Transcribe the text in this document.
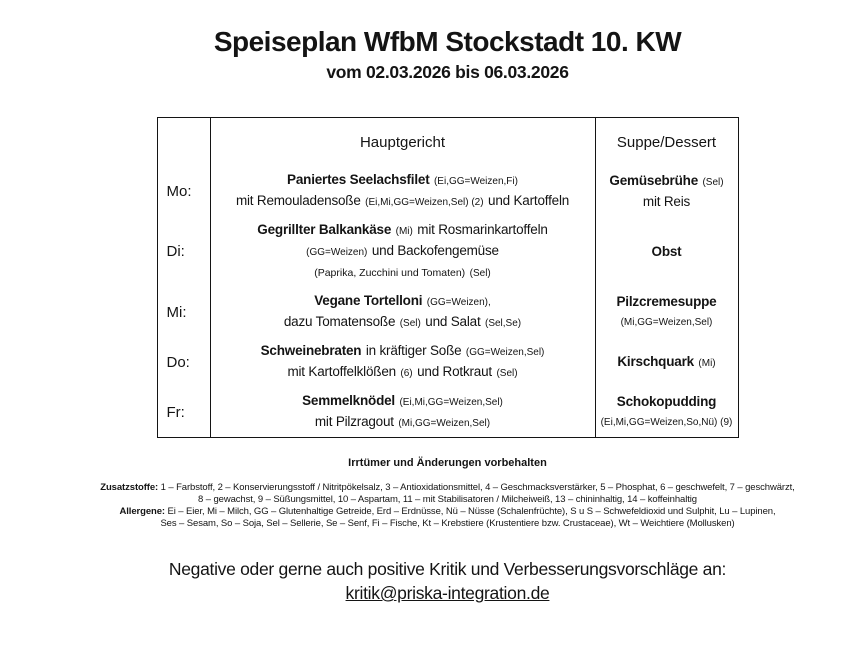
Speiseplan WfbM Stockstadt 10. KW
vom 02.03.2026 bis 06.03.2026
Hauptgericht	Suppe/Dessert
Mo:
Paniertes Seelachsfilet (Ei,GG=Weizen,Fi)
mit Remouladensoße (Ei,Mi,GG=Weizen,Sel) (2) und Kartoffeln
Gemüsebrühe (Sel)
mit Reis
Di:
Gegrillter Balkankäse (Mi) mit Rosmarinkartoffeln
(GG=Weizen) und Backofengemüse
(Paprika, Zucchini und Tomaten) (Sel)
Obst
Mi:
Vegane Tortelloni (GG=Weizen),
dazu Tomatensoße (Sel) und Salat (Sel,Se)
Pilzcremesuppe
(Mi,GG=Weizen,Sel)
Do:
Schweinebraten in kräftiger Soße (GG=Weizen,Sel)
mit Kartoffelklößen (6) und Rotkraut (Sel)
Kirschquark (Mi)
Fr:
Semmelknödel (Ei,Mi,GG=Weizen,Sel)
mit Pilzragout (Mi,GG=Weizen,Sel)
Schokopudding
(Ei,Mi,GG=Weizen,So,Nü) (9)
Irrtümer und Änderungen vorbehalten
Zusatzstoffe: 1 – Farbstoff, 2 – Konservierungsstoff / Nitritpökelsalz, 3 – Antioxidationsmittel, 4 – Geschmacksverstärker, 5 – Phosphat, 6 – geschwefelt, 7 – geschwärzt,
8 – gewachst, 9 – Süßungsmittel, 10 – Aspartam, 11 – mit Stabilisatoren / Milcheiweiß, 13 – chininhaltig, 14 – koffeinhaltig
Allergene: Ei – Eier, Mi – Milch, GG – Glutenhaltige Getreide, Erd – Erdnüsse, Nü – Nüsse (Schalenfrüchte), S u S – Schwefeldioxid und Sulphit, Lu – Lupinen,
Ses – Sesam, So – Soja, Sel – Sellerie, Se – Senf, Fi – Fische, Kt – Krebstiere (Krustentiere bzw. Crustaceae), Wt – Weichtiere (Mollusken)
Negative oder gerne auch positive Kritik und Verbesserungsvorschläge an:
kritik@priska-integration.de
